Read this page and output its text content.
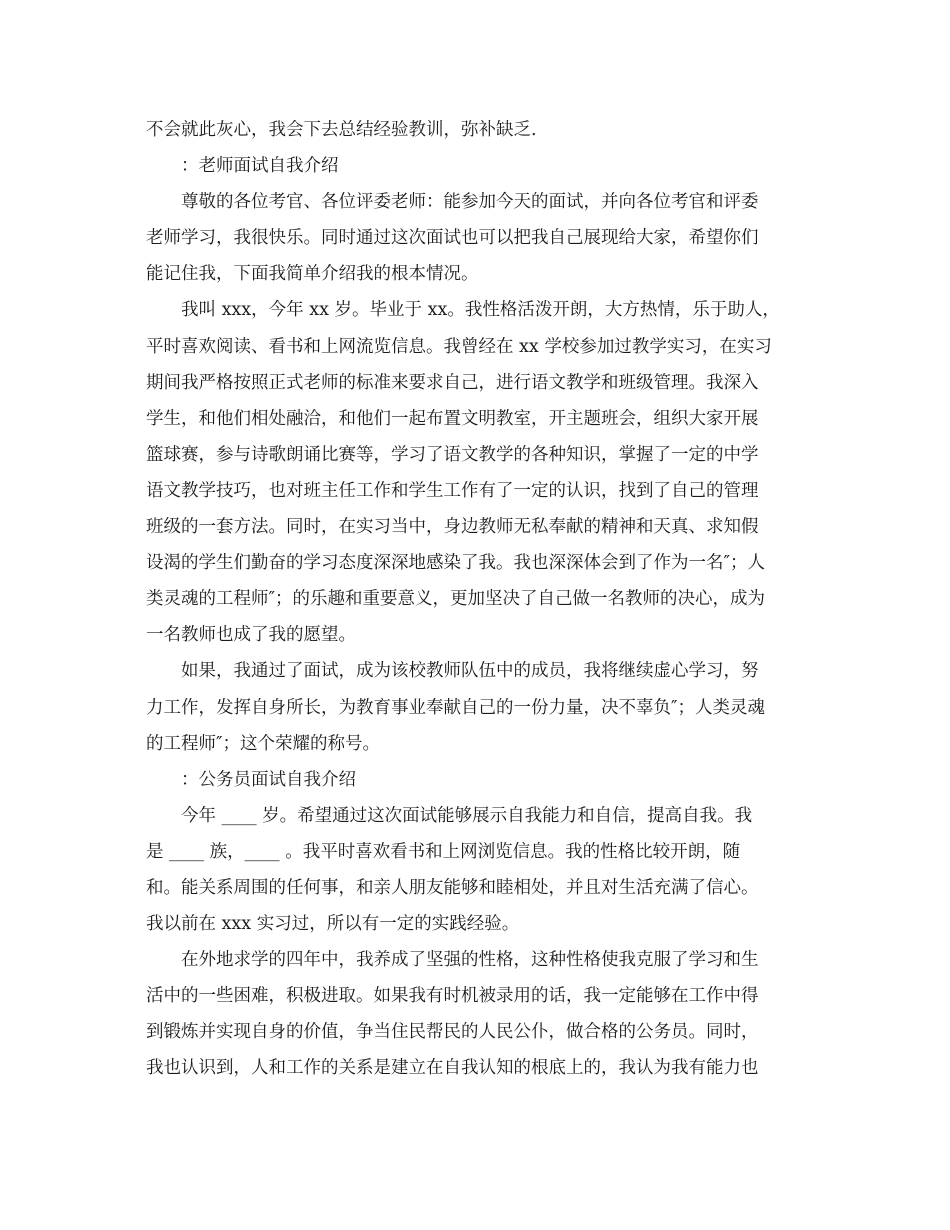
不会就此灰心，我会下去总结经验教训，弥补缺乏.
：老师面试自我介绍
尊敬的各位考官、各位评委老师：能参加今天的面试，并向各位考官和评委
老师学习，我很快乐。同时通过这次面试也可以把我自己展现给大家，希望你们
能记住我，下面我简单介绍我的根本情况。
我叫 xxx，今年 xx 岁。毕业于 xx。我性格活泼开朗，大方热情，乐于助人，
平时喜欢阅读、看书和上网流览信息。我曾经在 xx 学校参加过教学实习，在实习
期间我严格按照正式老师的标准来要求自己，进行语文教学和班级管理。我深入
学生，和他们相处融洽，和他们一起布置文明教室，开主题班会，组织大家开展
篮球赛，参与诗歌朗诵比赛等，学习了语文教学的各种知识，掌握了一定的中学
语文教学技巧，也对班主任工作和学生工作有了一定的认识，找到了自己的管理
班级的一套方法。同时，在实习当中，身边教师无私奉献的精神和天真、求知假
设渴的学生们勤奋的学习态度深深地感染了我。我也深深体会到了作为一名″；人
类灵魂的工程师″；的乐趣和重要意义，更加坚决了自己做一名教师的决心，成为
一名教师也成了我的愿望。
如果，我通过了面试，成为该校教师队伍中的成员，我将继续虚心学习，努
力工作，发挥自身所长，为教育事业奉献自己的一份力量，决不辜负″；人类灵魂
的工程师″；这个荣耀的称号。
：公务员面试自我介绍
今年 ____ 岁。希望通过这次面试能够展示自我能力和自信，提高自我。我
是 ____ 族，____ 。我平时喜欢看书和上网浏览信息。我的性格比较开朗，随
和。能关系周围的任何事，和亲人朋友能够和睦相处，并且对生活充满了信心。
我以前在 xxx 实习过，所以有一定的实践经验。
在外地求学的四年中，我养成了坚强的性格，这种性格使我克服了学习和生
活中的一些困难，积极进取。如果我有时机被录用的话，我一定能够在工作中得
到锻炼并实现自身的价值，争当住民帮民的人民公仆，做合格的公务员。同时，
我也认识到，人和工作的关系是建立在自我认知的根底上的，我认为我有能力也
